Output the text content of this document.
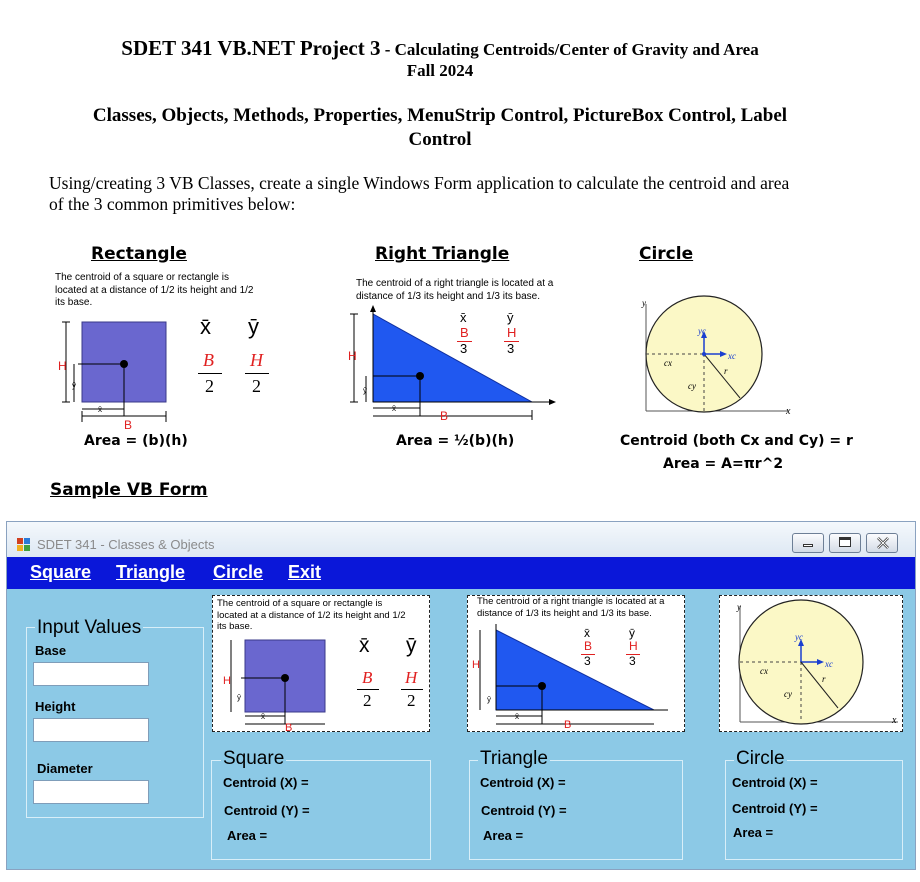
SDET 341 VB.NET Project 3 - Calculating Centroids/Center of Gravity and Area
Fall 2024
Classes, Objects, Methods, Properties, MenuStrip Control, PictureBox Control, Label
Control
Using/creating 3 VB Classes, create a single Windows Form application to calculate the centroid and area
of the 3 common primitives below:
Rectangle
The centroid of a square or rectangle is
located at a distance of 1/2 its height and 1/2
its base.
H
B
x̄
ȳ
x̄ ȳ
B
2
H
2
Area = (b)(h)
Right Triangle
The centroid of a right triangle is located at a
distance of 1/3 its height and 1/3 its base.
H
B
x̄
ȳ
x̄	ȳ
B
3
H
3
Area = ½(b)(h)
Circle
y
x
yc
xc
cx
cy
r
Centroid (both Cx and Cy) = r
Area = A=πr^2
Sample VB Form
SDET 341 - Classes & Objects
Square Triangle Circle Exit
Input Values
Base
Height
Diameter
The centroid of a square or rectangle is
located at a distance of 1/2 its height and 1/2
its base.
H
B
x̄
ȳ
x̄ ȳ
B
2
H
2
The centroid of a right triangle is located at a
distance of 1/3 its height and 1/3 its base.
H
B
x̄
ȳ
x̄	ȳ
B
3
H
3
y
x
yc
xc
cx
cy
r
Square
Centroid (X) =
Centroid (Y) =
Area =
Triangle
Centroid (X) =
Centroid (Y) =
Area =
Circle
Centroid (X) =
Centroid (Y) =
Area =
